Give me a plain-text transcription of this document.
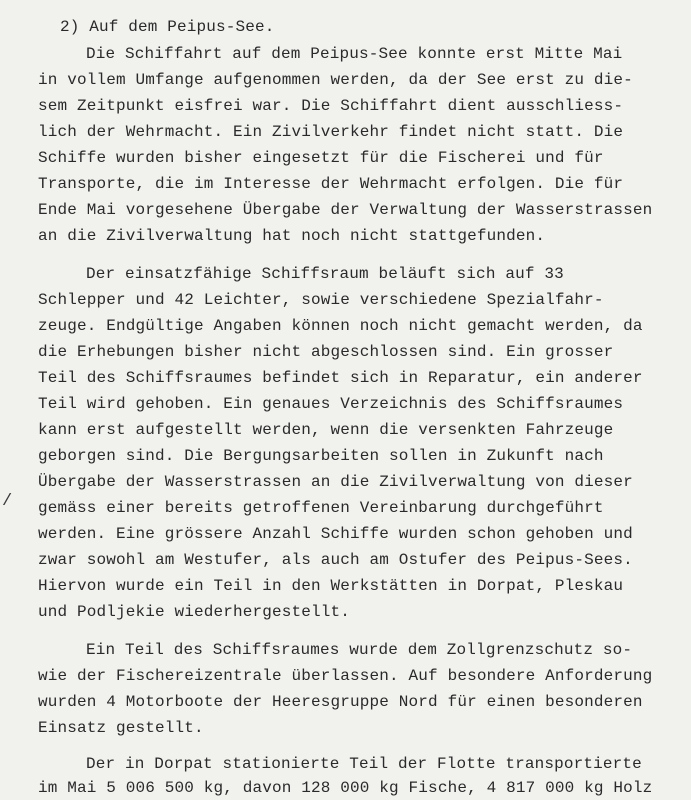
2) Auf dem Peipus-See.
Die Schiffahrt auf dem Peipus-See konnte erst Mitte Mai
in vollem Umfange aufgenommen werden, da der See erst zu die-
sem Zeitpunkt eisfrei war. Die Schiffahrt dient ausschliess-
lich der Wehrmacht. Ein Zivilverkehr findet nicht statt. Die
Schiffe wurden bisher eingesetzt für die Fischerei und für
Transporte, die im Interesse der Wehrmacht erfolgen. Die für
Ende Mai vorgesehene Übergabe der Verwaltung der Wasserstrassen
an die Zivilverwaltung hat noch nicht stattgefunden.
Der einsatzfähige Schiffsraum beläuft sich auf 33
Schlepper und 42 Leichter, sowie verschiedene Spezialfahr-
zeuge. Endgültige Angaben können noch nicht gemacht werden, da
die Erhebungen bisher nicht abgeschlossen sind. Ein grosser
Teil des Schiffsraumes befindet sich in Reparatur, ein anderer
Teil wird gehoben. Ein genaues Verzeichnis des Schiffsraumes
kann erst aufgestellt werden, wenn die versenkten Fahrzeuge
geborgen sind. Die Bergungsarbeiten sollen in Zukunft nach
Übergabe der Wasserstrassen an die Zivilverwaltung von dieser
gemäss einer bereits getroffenen Vereinbarung durchgeführt
werden. Eine grössere Anzahl Schiffe wurden schon gehoben und
zwar sowohl am Westufer, als auch am Ostufer des Peipus-Sees.
Hiervon wurde ein Teil in den Werkstätten in Dorpat, Pleskau
und Podljekie wiederhergestellt.
Ein Teil des Schiffsraumes wurde dem Zollgrenzschutz so-
wie der Fischereizentrale überlassen. Auf besondere Anforderung
wurden 4 Motorboote der Heeresgruppe Nord für einen besonderen
Einsatz gestellt.
Der in Dorpat stationierte Teil der Flotte transportierte
im Mai 5 006 500 kg, davon 128 000 kg Fische, 4 817 000 kg Holz
/
